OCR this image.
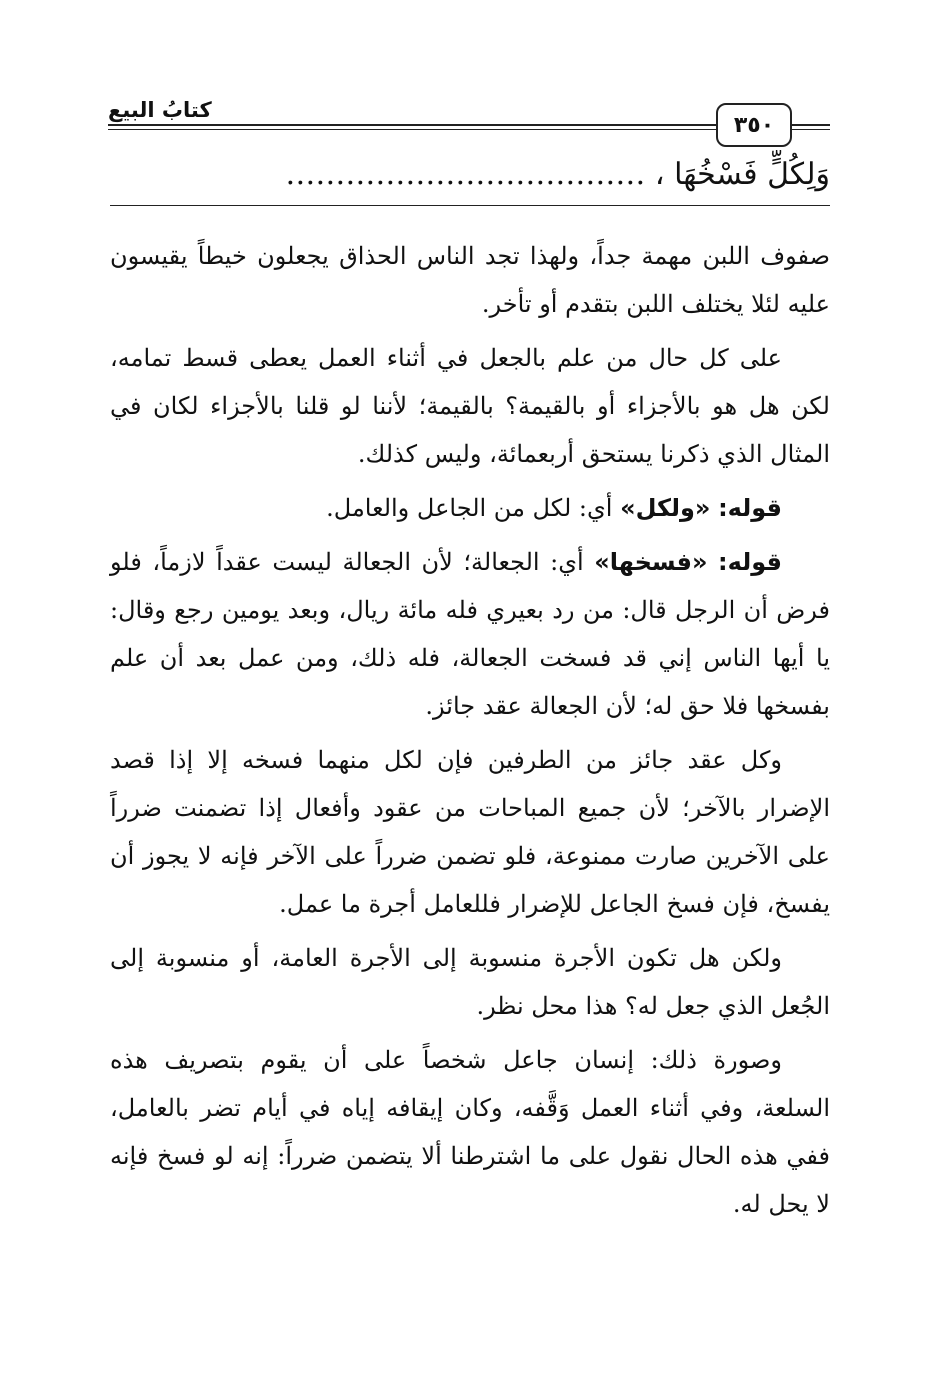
كتابُ البيع
٣٥٠
وَلِكُلٍّ فَسْخُهَا ، ………………………………

صفوف اللبن مهمة جداً، ولهذا تجد الناس الحذاق يجعلون خيطاً يقيسون عليه لئلا يختلف اللبن بتقدم أو تأخر.

على كل حال من علم بالجعل في أثناء العمل يعطى قسط تمامه، لكن هل هو بالأجزاء أو بالقيمة؟ بالقيمة؛ لأننا لو قلنا بالأجزاء لكان في المثال الذي ذكرنا يستحق أربعمائة، وليس كذلك.

قوله: «ولكل» أي: لكل من الجاعل والعامل.

قوله: «فسخها» أي: الجعالة؛ لأن الجعالة ليست عقداً لازماً، فلو فرض أن الرجل قال: من رد بعيري فله مائة ريال، وبعد يومين رجع وقال: يا أيها الناس إني قد فسخت الجعالة، فله ذلك، ومن عمل بعد أن علم بفسخها فلا حق له؛ لأن الجعالة عقد جائز.

وكل عقد جائز من الطرفين فإن لكل منهما فسخه إلا إذا قصد الإضرار بالآخر؛ لأن جميع المباحات من عقود وأفعال إذا تضمنت ضرراً على الآخرين صارت ممنوعة، فلو تضمن ضرراً على الآخر فإنه لا يجوز أن يفسخ، فإن فسخ الجاعل للإضرار فللعامل أجرة ما عمل.

ولكن هل تكون الأجرة منسوبة إلى الأجرة العامة، أو منسوبة إلى الجُعل الذي جعل له؟ هذا محل نظر.

وصورة ذلك: إنسان جاعل شخصاً على أن يقوم بتصريف هذه السلعة، وفي أثناء العمل وَقَّفه، وكان إيقافه إياه في أيام تضر بالعامل، ففي هذه الحال نقول على ما اشترطنا ألا يتضمن ضرراً: إنه لو فسخ فإنه لا يحل له.
